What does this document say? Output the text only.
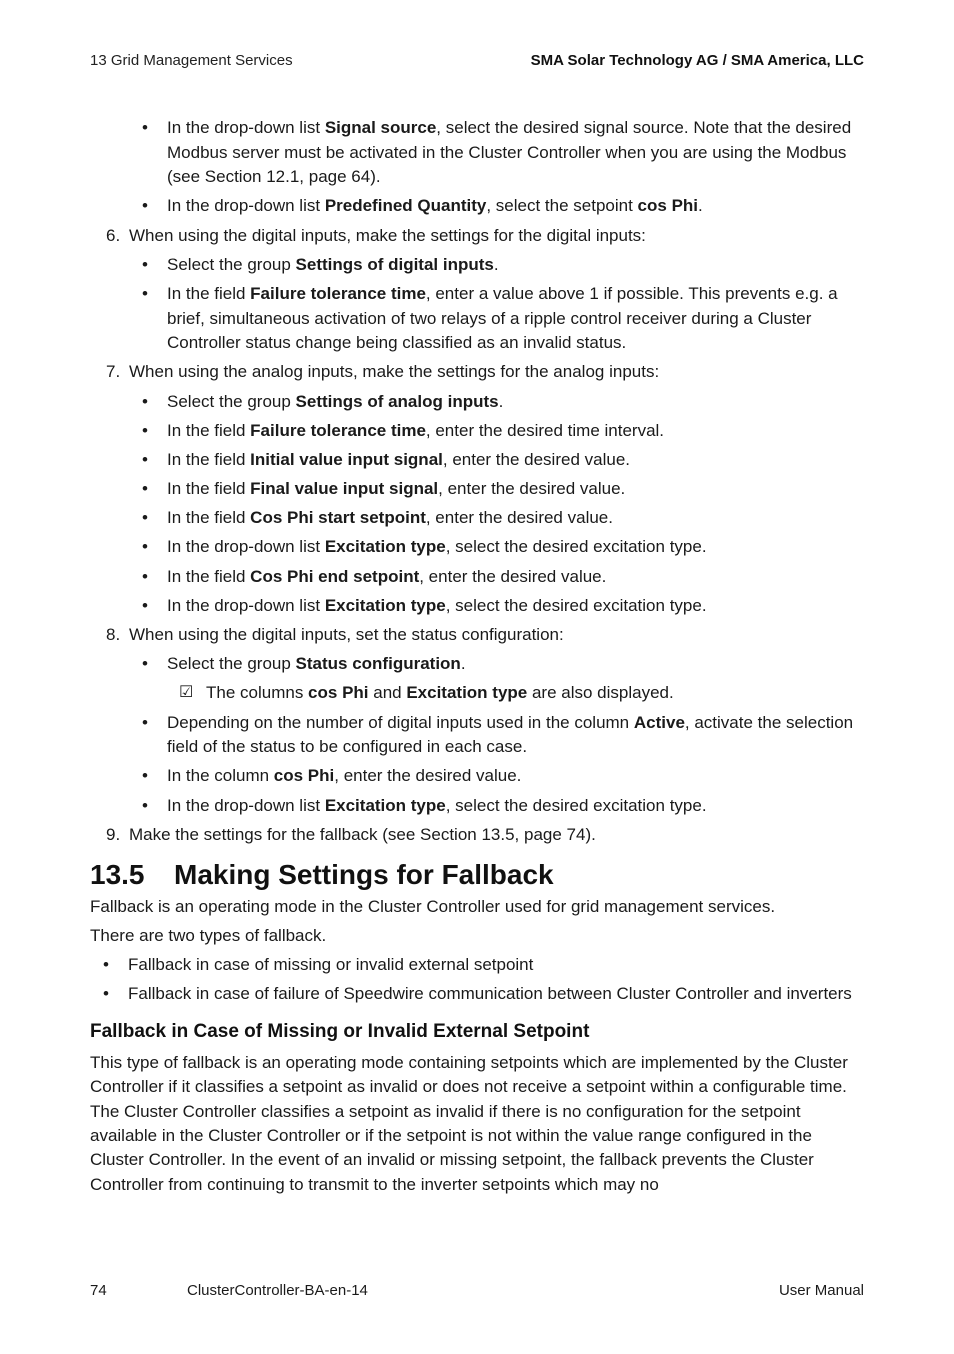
13 Grid Management Services	SMA Solar Technology AG / SMA America, LLC
• In the drop-down list Signal source, select the desired signal source. Note that the desired Modbus server must be activated in the Cluster Controller when you are using the Modbus (see Section 12.1, page 64).
• In the drop-down list Predefined Quantity, select the setpoint cos Phi.
6. When using the digital inputs, make the settings for the digital inputs:
• Select the group Settings of digital inputs.
• In the field Failure tolerance time, enter a value above 1 if possible. This prevents e.g. a brief, simultaneous activation of two relays of a ripple control receiver during a Cluster Controller status change being classified as an invalid status.
7. When using the analog inputs, make the settings for the analog inputs:
• Select the group Settings of analog inputs.
• In the field Failure tolerance time, enter the desired time interval.
• In the field Initial value input signal, enter the desired value.
• In the field Final value input signal, enter the desired value.
• In the field Cos Phi start setpoint, enter the desired value.
• In the drop-down list Excitation type, select the desired excitation type.
• In the field Cos Phi end setpoint, enter the desired value.
• In the drop-down list Excitation type, select the desired excitation type.
8. When using the digital inputs, set the status configuration:
• Select the group Status configuration.
☑ The columns cos Phi and Excitation type are also displayed.
• Depending on the number of digital inputs used in the column Active, activate the selection field of the status to be configured in each case.
• In the column cos Phi, enter the desired value.
• In the drop-down list Excitation type, select the desired excitation type.
9. Make the settings for the fallback (see Section 13.5, page 74).
13.5 Making Settings for Fallback
Fallback is an operating mode in the Cluster Controller used for grid management services.
There are two types of fallback.
• Fallback in case of missing or invalid external setpoint
• Fallback in case of failure of Speedwire communication between Cluster Controller and inverters
Fallback in Case of Missing or Invalid External Setpoint
This type of fallback is an operating mode containing setpoints which are implemented by the Cluster Controller if it classifies a setpoint as invalid or does not receive a setpoint within a configurable time. The Cluster Controller classifies a setpoint as invalid if there is no configuration for the setpoint available in the Cluster Controller or if the setpoint is not within the value range configured in the Cluster Controller. In the event of an invalid or missing setpoint, the fallback prevents the Cluster Controller from continuing to transmit to the inverter setpoints which may no
74	ClusterController-BA-en-14	User Manual
